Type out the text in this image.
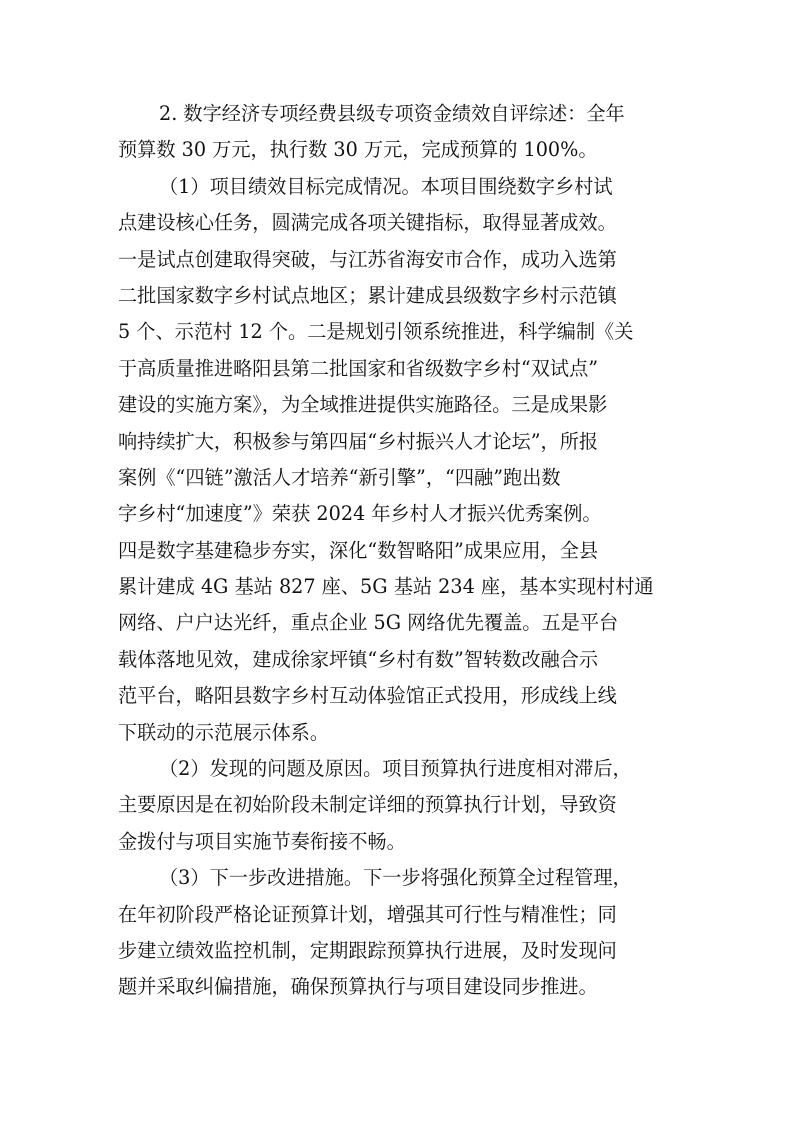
2. 数字经济专项经费县级专项资金绩效自评综述：全年
预算数 30 万元，执行数 30 万元，完成预算的 100%。
（1）项目绩效目标完成情况。本项目围绕数字乡村试
点建设核心任务，圆满完成各项关键指标，取得显著成效。
一是试点创建取得突破，与江苏省海安市合作，成功入选第
二批国家数字乡村试点地区；累计建成县级数字乡村示范镇
5 个、示范村 12 个。二是规划引领系统推进，科学编制《关
于高质量推进略阳县第二批国家和省级数字乡村“双试点”
建设的实施方案》，为全域推进提供实施路径。三是成果影
响持续扩大，积极参与第四届“乡村振兴人才论坛”，所报
案例《“四链”激活人才培养“新引擎”，“四融”跑出数
字乡村“加速度”》荣获 2024 年乡村人才振兴优秀案例。
四是数字基建稳步夯实，深化“数智略阳”成果应用，全县
累计建成 4G 基站 827 座、5G 基站 234 座，基本实现村村通
网络、户户达光纤，重点企业 5G 网络优先覆盖。五是平台
载体落地见效，建成徐家坪镇“乡村有数”智转数改融合示
范平台，略阳县数字乡村互动体验馆正式投用，形成线上线
下联动的示范展示体系。
（2）发现的问题及原因。项目预算执行进度相对滞后，
主要原因是在初始阶段未制定详细的预算执行计划，导致资
金拨付与项目实施节奏衔接不畅。
（3）下一步改进措施。下一步将强化预算全过程管理，
在年初阶段严格论证预算计划，增强其可行性与精准性；同
步建立绩效监控机制，定期跟踪预算执行进展，及时发现问
题并采取纠偏措施，确保预算执行与项目建设同步推进。
